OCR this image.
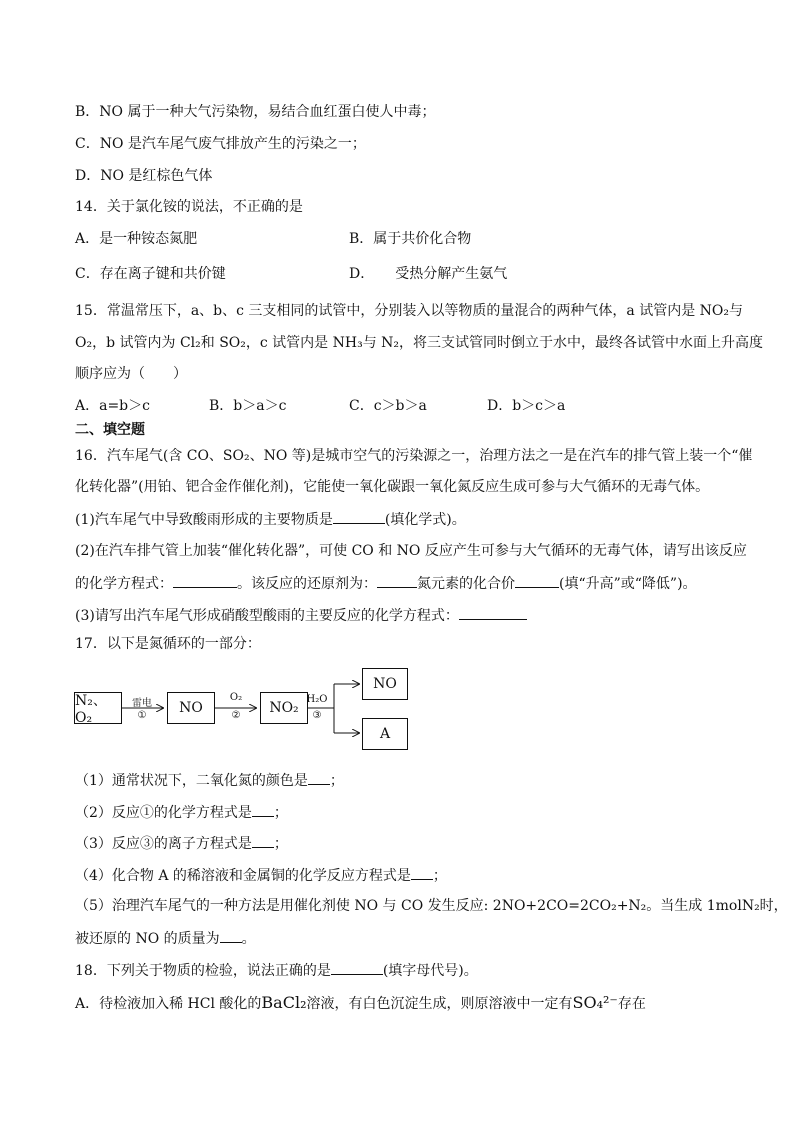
B．NO 属于一种大气污染物，易结合血红蛋白使人中毒；
C．NO 是汽车尾气废气排放产生的污染之一；
D．NO 是红棕色气体
14．关于氯化铵的说法，不正确的是
A．是一种铵态氮肥	B．属于共价化合物
C．存在离子键和共价键	D．　　受热分解产生氨气
15．常温常压下，a、b、c 三支相同的试管中，分别装入以等物质的量混合的两种气体，a 试管内是 NO₂与
O₂，b 试管内为 Cl₂和 SO₂，c 试管内是 NH₃与 N₂，将三支试管同时倒立于水中，最终各试管中水面上升高度
顺序应为（　　）
A．a=b＞c	B．b＞a＞c	C．c＞b＞a	D．b＞c＞a
二、填空题
16．汽车尾气(含 CO、SO₂、NO 等)是城市空气的污染源之一，治理方法之一是在汽车的排气管上装一个“催
化转化器”(用铂、钯合金作催化剂)，它能使一氧化碳跟一氧化氮反应生成可参与大气循环的无毒气体。
(1)汽车尾气中导致酸雨形成的主要物质是	(填化学式)。
(2)在汽车排气管上加装“催化转化器”，可使 CO 和 NO 反应产生可参与大气循环的无毒气体，请写出该反应
的化学方程式：	。该反应的还原剂为：	氮元素的化合价	(填“升高”或“降低”)。
(3)请写出汽车尾气形成硝酸型酸雨的主要反应的化学方程式：
17．以下是氮循环的一部分：
N₂、O₂
NO	NO₂
NO
A
雷电
①
O₂
②
H₂O
③
（1）通常状况下，二氧化氮的颜色是 ；
（2）反应①的化学方程式是 ；
（3）反应③的离子方程式是 ；
（4）化合物 A 的稀溶液和金属铜的化学反应方程式是 ；
（5）治理汽车尾气的一种方法是用催化剂使 NO 与 CO 发生反应: 2NO+2CO=2CO₂+N₂。当生成 1molN₂时，
被还原的 NO 的质量为 。
18．下列关于物质的检验，说法正确的是	(填字母代号)。
A．待检液加入稀 HCl 酸化的BaCl₂溶液，有白色沉淀生成，则原溶液中一定有SO₄²⁻存在
